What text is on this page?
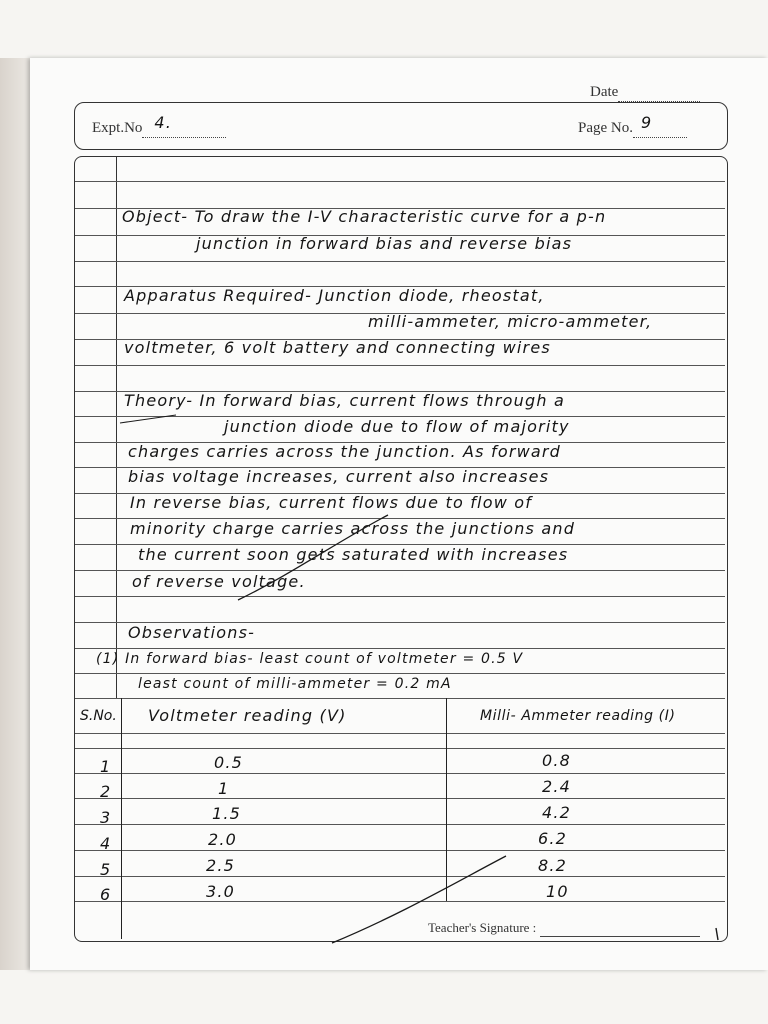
Date
Expt.No 4.	Page No. 9
Object- To draw the I-V characteristic curve for a p-n
junction in forward bias and reverse bias
Apparatus Required- Junction diode, rheostat,
milli-ammeter, micro-ammeter,
voltmeter, 6 volt battery and connecting wires
Theory- In forward bias, current flows through a
junction diode due to flow of majority
charges carries across the junction. As forward
bias voltage increases, current also increases
In reverse bias, current flows due to flow of
minority charge carries across the junctions and
the current soon gets saturated with increases
of reverse voltage.
Observations-
(1) In forward bias- least count of voltmeter = 0.5 V
least count of milli-ammeter = 0.2 mA
S.No. Voltmeter reading (V)	Milli- Ammeter reading (I)
1	0.5	0.8
2	1	2.4
3	1.5	4.2
4	2.0	6.2
5	2.5	8.2
6	3.0	10
Teacher's Signature :
